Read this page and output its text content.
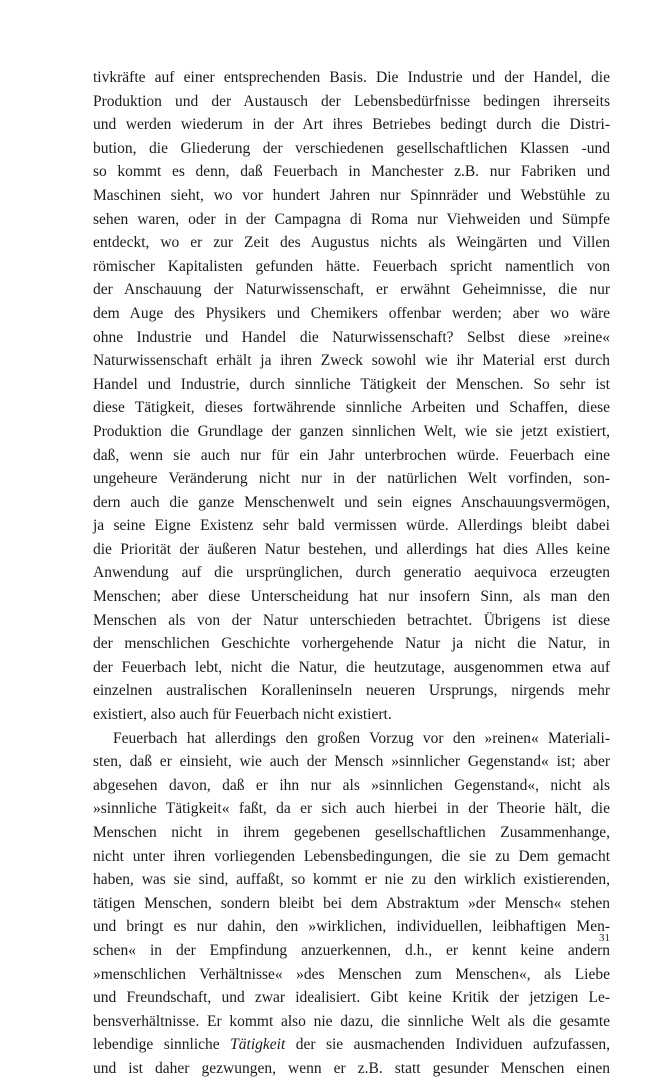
tivkräfte auf einer entsprechenden Basis. Die Industrie und der Handel, die
Produktion und der Austausch der Lebensbedürfnisse bedingen ihrerseits
und werden wiederum in der Art ihres Betriebes bedingt durch die Distri-
bution, die Gliederung der verschiedenen gesellschaftlichen Klassen -und
so kommt es denn, daß Feuerbach in Manchester z.B. nur Fabriken und
Maschinen sieht, wo vor hundert Jahren nur Spinnräder und Webstühle zu
sehen waren, oder in der Campagna di Roma nur Viehweiden und Sümpfe
entdeckt, wo er zur Zeit des Augustus nichts als Weingärten und Villen
römischer Kapitalisten gefunden hätte. Feuerbach spricht namentlich von
der Anschauung der Naturwissenschaft, er erwähnt Geheimnisse, die nur
dem Auge des Physikers und Chemikers offenbar werden; aber wo wäre
ohne Industrie und Handel die Naturwissenschaft? Selbst diese »reine«
Naturwissenschaft erhält ja ihren Zweck sowohl wie ihr Material erst durch
Handel und Industrie, durch sinnliche Tätigkeit der Menschen. So sehr ist
diese Tätigkeit, dieses fortwährende sinnliche Arbeiten und Schaffen, diese
Produktion die Grundlage der ganzen sinnlichen Welt, wie sie jetzt existiert,
daß, wenn sie auch nur für ein Jahr unterbrochen würde. Feuerbach eine
ungeheure Veränderung nicht nur in der natürlichen Welt vorfinden, son-
dern auch die ganze Menschenwelt und sein eignes Anschauungsvermögen,
ja seine Eigne Existenz sehr bald vermissen würde. Allerdings bleibt dabei
die Priorität der äußeren Natur bestehen, und allerdings hat dies Alles keine
Anwendung auf die ursprünglichen, durch generatio aequivoca erzeugten
Menschen; aber diese Unterscheidung hat nur insofern Sinn, als man den
Menschen als von der Natur unterschieden betrachtet. Übrigens ist diese
der menschlichen Geschichte vorhergehende Natur ja nicht die Natur, in
der Feuerbach lebt, nicht die Natur, die heutzutage, ausgenommen etwa auf
einzelnen australischen Koralleninseln neueren Ursprungs, nirgends mehr
existiert, also auch für Feuerbach nicht existiert.
Feuerbach hat allerdings den großen Vorzug vor den »reinen« Materiali-
sten, daß er einsieht, wie auch der Mensch »sinnlicher Gegenstand« ist; aber
abgesehen davon, daß er ihn nur als »sinnlichen Gegenstand«, nicht als
»sinnliche Tätigkeit« faßt, da er sich auch hierbei in der Theorie hält, die
Menschen nicht in ihrem gegebenen gesellschaftlichen Zusammenhange,
nicht unter ihren vorliegenden Lebensbedingungen, die sie zu Dem gemacht
haben, was sie sind, auffaßt, so kommt er nie zu den wirklich existierenden,
tätigen Menschen, sondern bleibt bei dem Abstraktum »der Mensch« stehen
und bringt es nur dahin, den »wirklichen, individuellen, leibhaftigen Men-
schen« in der Empfindung anzuerkennen, d.h., er kennt keine andern
»menschlichen Verhältnisse« »des Menschen zum Menschen«, als Liebe
und Freundschaft, und zwar idealisiert. Gibt keine Kritik der jetzigen Le-
bensverhältnisse. Er kommt also nie dazu, die sinnliche Welt als die gesamte
lebendige sinnliche Tätigkeit der sie ausmachenden Individuen aufzufassen,
und ist daher gezwungen, wenn er z.B. statt gesunder Menschen einen
31
